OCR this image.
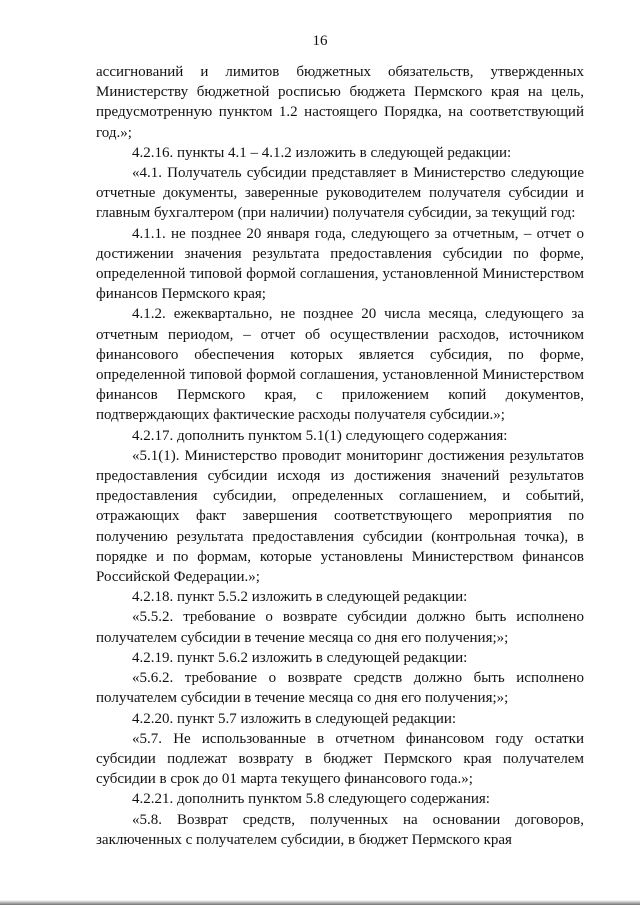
16

ассигнований и лимитов бюджетных обязательств, утвержденных Министерству бюджетной росписью бюджета Пермского края на цель, предусмотренную пунктом 1.2 настоящего Порядка, на соответствующий год.»;

4.2.16. пункты 4.1 – 4.1.2 изложить в следующей редакции:

«4.1. Получатель субсидии представляет в Министерство следующие отчетные документы, заверенные руководителем получателя субсидии и главным бухгалтером (при наличии) получателя субсидии, за текущий год:

4.1.1. не позднее 20 января года, следующего за отчетным, – отчет о достижении значения результата предоставления субсидии по форме, определенной типовой формой соглашения, установленной Министерством финансов Пермского края;

4.1.2. ежеквартально, не позднее 20 числа месяца, следующего за отчетным периодом, – отчет об осуществлении расходов, источником финансового обеспечения которых является субсидия, по форме, определенной типовой формой соглашения, установленной Министерством финансов Пермского края, с приложением копий документов, подтверждающих фактические расходы получателя субсидии.»;

4.2.17. дополнить пунктом 5.1(1) следующего содержания:

«5.1(1). Министерство проводит мониторинг достижения результатов предоставления субсидии исходя из достижения значений результатов предоставления субсидии, определенных соглашением, и событий, отражающих факт завершения соответствующего мероприятия по получению результата предоставления субсидии (контрольная точка), в порядке и по формам, которые установлены Министерством финансов Российской Федерации.»;

4.2.18. пункт 5.5.2 изложить в следующей редакции:

«5.5.2. требование о возврате субсидии должно быть исполнено получателем субсидии в течение месяца со дня его получения;»;

4.2.19. пункт 5.6.2 изложить в следующей редакции:

«5.6.2. требование о возврате средств должно быть исполнено получателем субсидии в течение месяца со дня его получения;»;

4.2.20. пункт 5.7 изложить в следующей редакции:

«5.7. Не использованные в отчетном финансовом году остатки субсидии подлежат возврату в бюджет Пермского края получателем субсидии в срок до 01 марта текущего финансового года.»;

4.2.21. дополнить пунктом 5.8 следующего содержания:

«5.8. Возврат средств, полученных на основании договоров, заключенных с получателем субсидии, в бюджет Пермского края
